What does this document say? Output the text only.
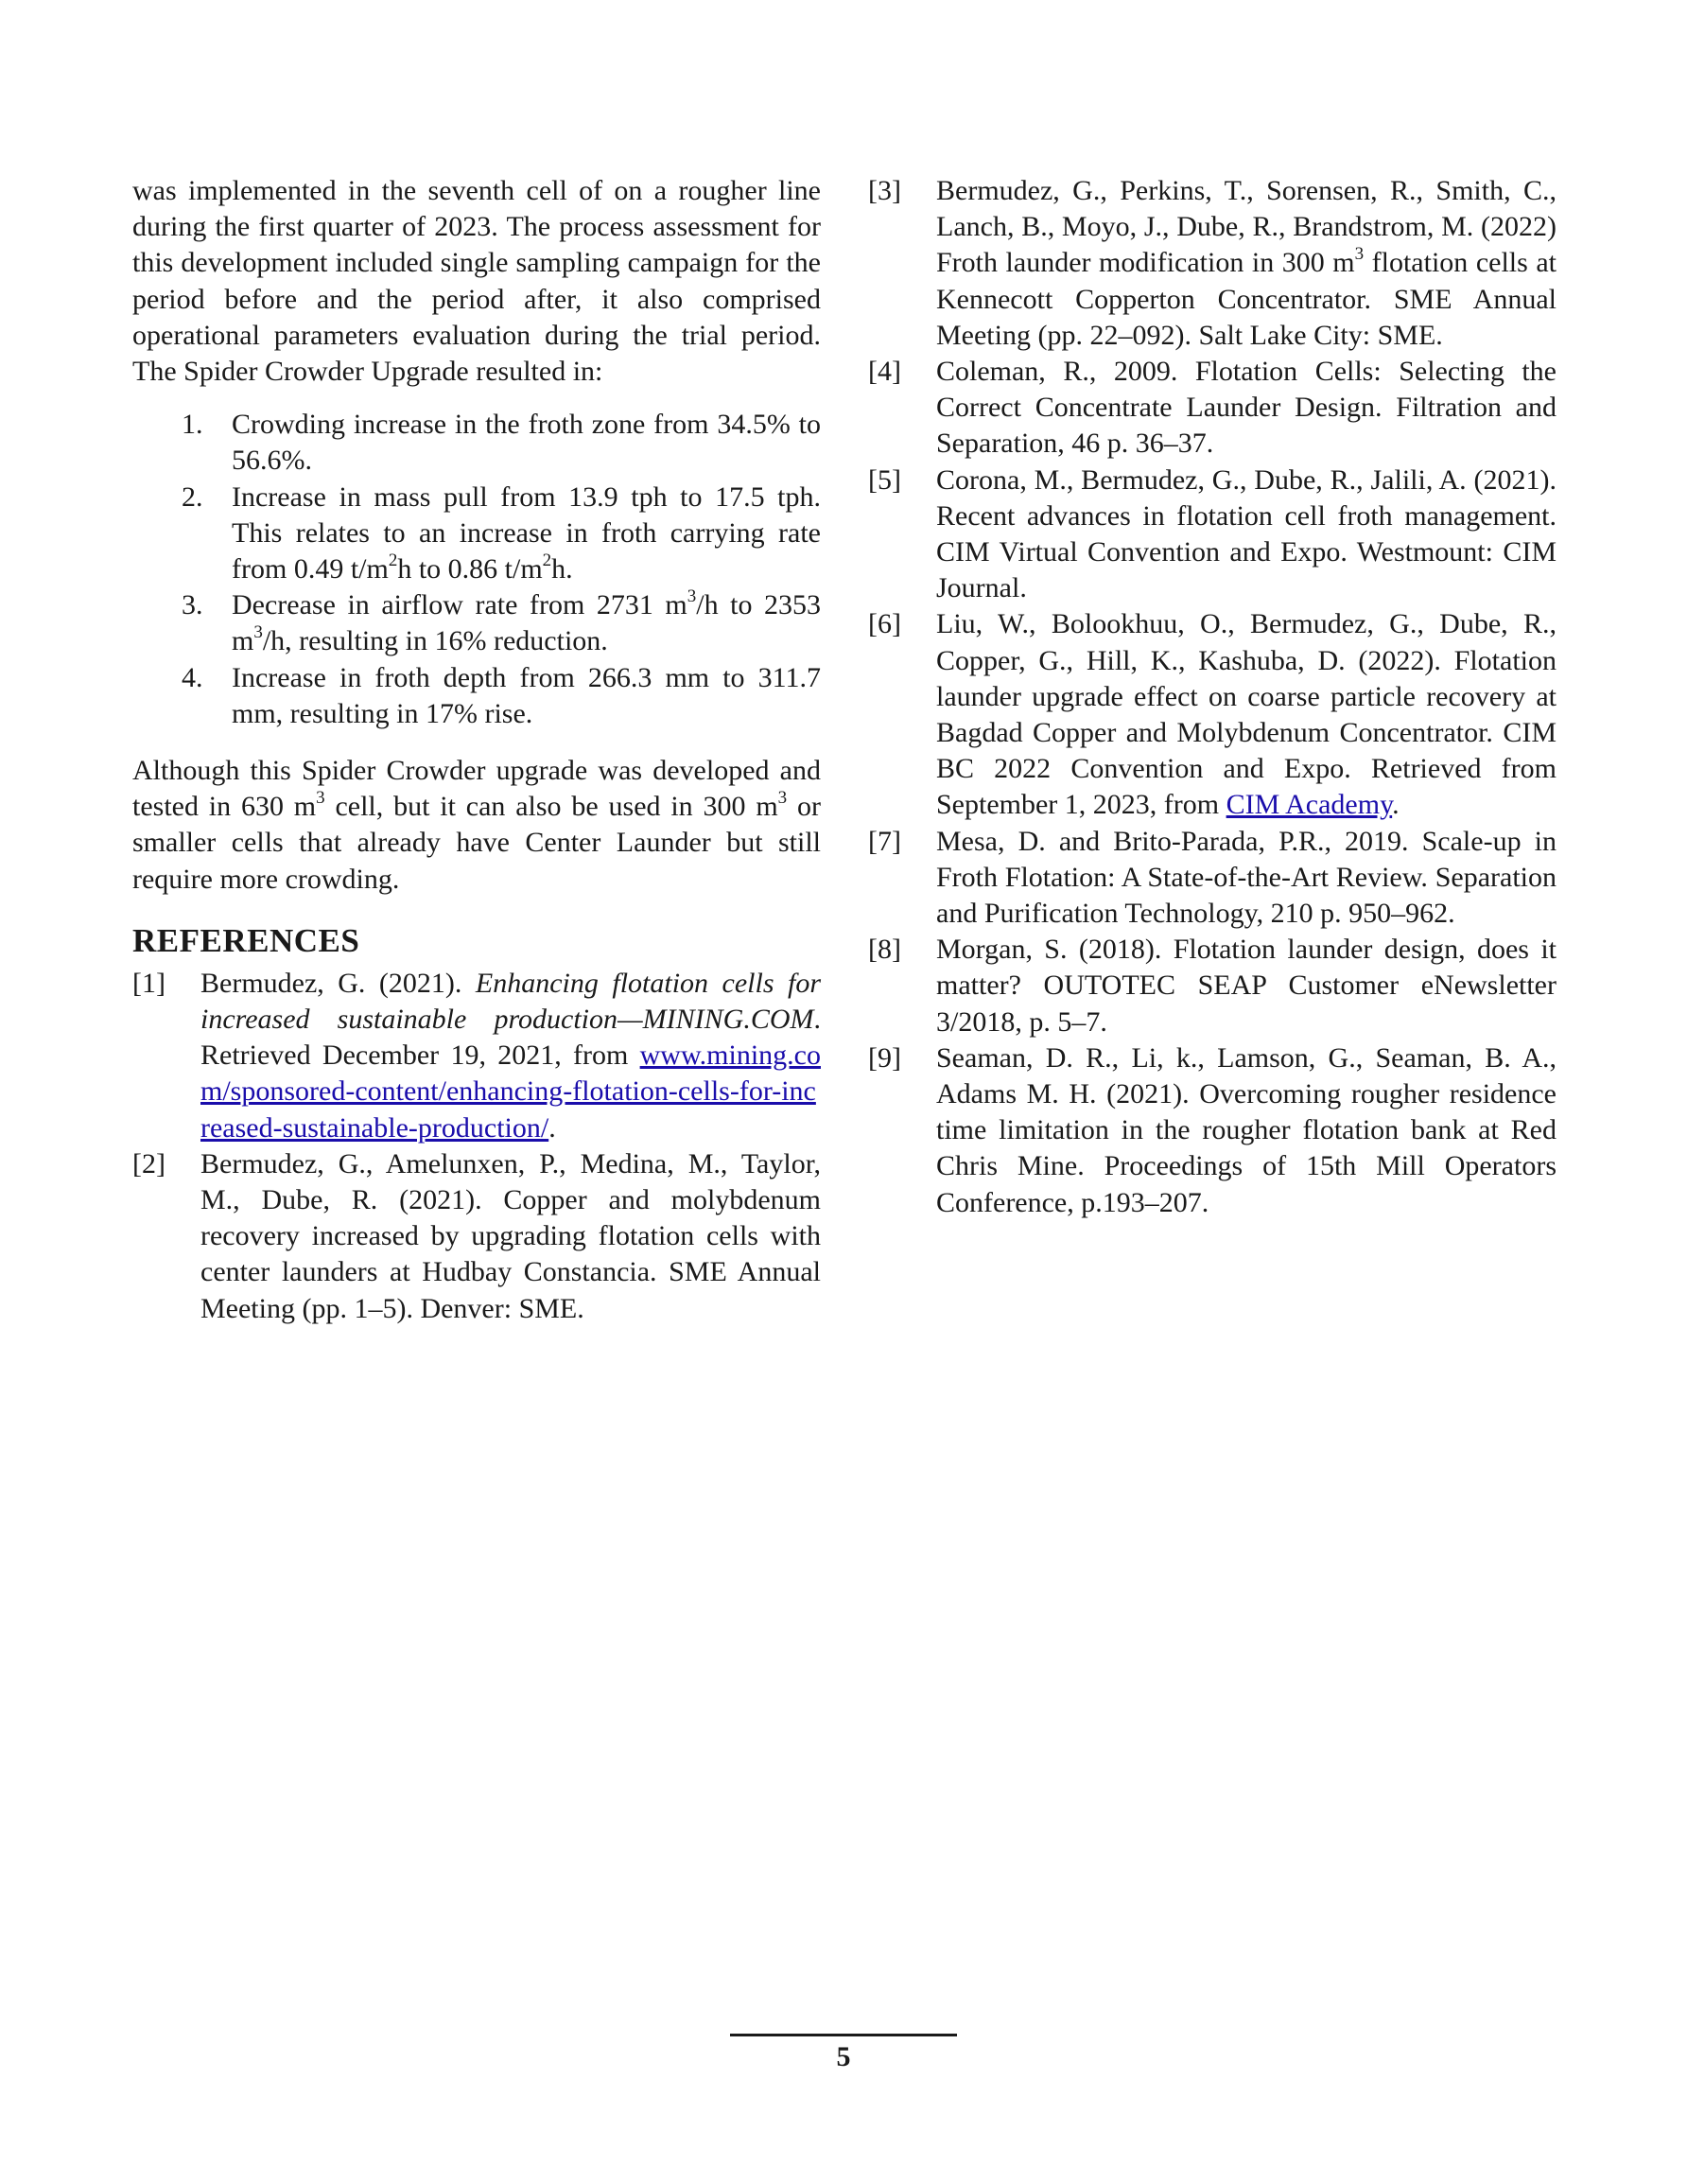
was implemented in the seventh cell of on a rougher line during the first quarter of 2023. The process assessment for this development included single sampling campaign for the period before and the period after, it also comprised operational parameters evaluation during the trial period. The Spider Crowder Upgrade resulted in:

1. Crowding increase in the froth zone from 34.5% to 56.6%.
2. Increase in mass pull from 13.9 tph to 17.5 tph. This relates to an increase in froth carrying rate from 0.49 $t/m^2h$ to 0.86 $t/m^2h$.
3. Decrease in airflow rate from 2731 $m^3/h$ to 2353 $m^3/h$, resulting in 16% reduction.
4. Increase in froth depth from 266.3 mm to 311.7 mm, resulting in 17% rise.

Although this Spider Crowder upgrade was developed and tested in 630 $m^3$ cell, but it can also be used in 300 $m^3$ or smaller cells that already have Center Launder but still require more crowding.

REFERENCES
[1] Bermudez, G. (2021). Enhancing flotation cells for increased sustainable production—MINING.COM. Retrieved December 19, 2021, from www.mining.com/sponsored-content/enhancing-flotation-cells-for-increased-sustainable-production/.

[2] Bermudez, G., Amelunxen, P., Medina, M., Taylor, M., Dube, R. (2021). Copper and molybdenum recovery increased by upgrading flotation cells with center launders at Hudbay Constancia. SME Annual Meeting (pp. 1–5). Denver: SME.

[3] Bermudez, G., Perkins, T., Sorensen, R., Smith, C., Lanch, B., Moyo, J., Dube, R., Brandstrom, M. (2022) Froth launder modification in 300 $m^3$ flotation cells at Kennecott Copperton Concentrator. SME Annual Meeting (pp. 22–092). Salt Lake City: SME.

[4] Coleman, R., 2009. Flotation Cells: Selecting the Correct Concentrate Launder Design. Filtration and Separation, 46 p. 36–37.

[5] Corona, M., Bermudez, G., Dube, R., Jalili, A. (2021). Recent advances in flotation cell froth management. CIM Virtual Convention and Expo. Westmount: CIM Journal.

[6] Liu, W., Bolookhuu, O., Bermudez, G., Dube, R., Copper, G., Hill, K., Kashuba, D. (2022). Flotation launder upgrade effect on coarse particle recovery at Bagdad Copper and Molybdenum Concentrator. CIM BC 2022 Convention and Expo. Retrieved from September 1, 2023, from CIM Academy.

[7] Mesa, D. and Brito-Parada, P.R., 2019. Scale-up in Froth Flotation: A State-of-the-Art Review. Separation and Purification Technology, 210 p. 950–962.

[8] Morgan, S. (2018). Flotation launder design, does it matter? OUTOTEC SEAP Customer eNewsletter 3/2018, p. 5–7.

[9] Seaman, D. R., Li, k., Lamson, G., Seaman, B. A., Adams M. H. (2021). Overcoming rougher residence time limitation in the rougher flotation bank at Red Chris Mine. Proceedings of 15th Mill Operators Conference, p.193–207.

5
